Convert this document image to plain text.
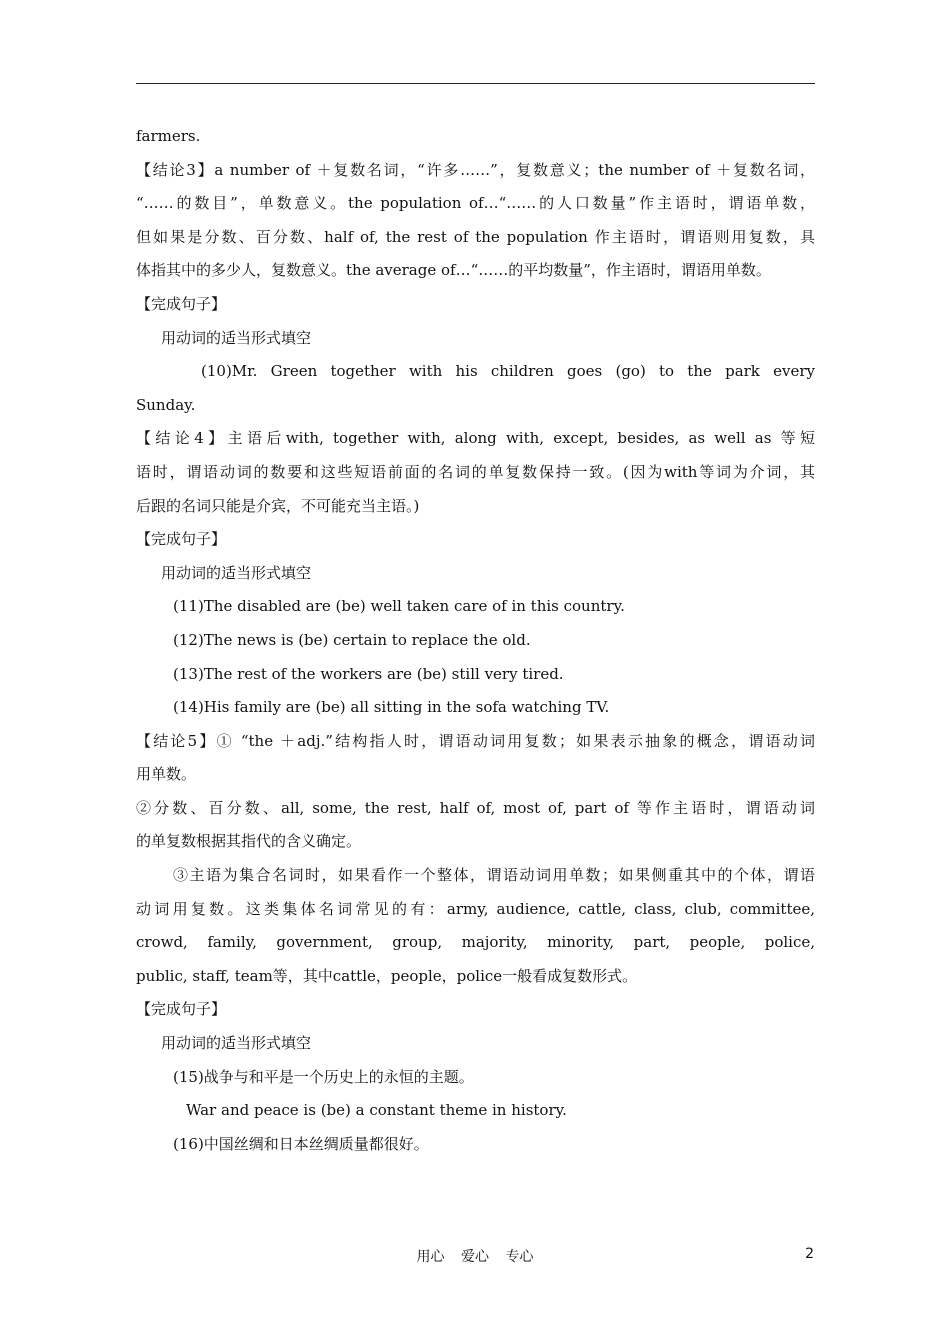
farmers.
【结论3】a number of ＋复数名词，“许多……”，复数意义；the number of ＋复数名词，
“……的数目”，单数意义。the population of…“……的人口数量”作主语时，谓语单数，
但如果是分数、百分数、half of, the rest of the population 作主语时，谓语则用复数，具
体指其中的多少人，复数意义。the average of…“……的平均数量”，作主语时，谓语用单数。
【完成句子】
用动词的适当形式填空
(10)Mr. Green together with his children goes (go) to the park every
Sunday.
【结论4】主语后with, together with, along with, except, besides, as well as 等短
语时，谓语动词的数要和这些短语前面的名词的单复数保持一致。(因为with等词为介词，其
后跟的名词只能是介宾，不可能充当主语。)
【完成句子】
用动词的适当形式填空
(11)The disabled are (be) well taken care of in this country.
(12)The news is (be) certain to replace the old.
(13)The rest of the workers are (be) still very tired.
(14)His family are (be) all sitting in the sofa watching TV.
【结论5】① “the ＋adj.”结构指人时，谓语动词用复数；如果表示抽象的概念，谓语动词
用单数。
②分数、百分数、all, some, the rest, half of, most of, part of 等作主语时，谓语动词
的单复数根据其指代的含义确定。
③主语为集合名词时，如果看作一个整体，谓语动词用单数；如果侧重其中的个体，谓语
动词用复数。这类集体名词常见的有：army, audience, cattle, class, club, committee,
crowd, family, government, group, majority, minority, part, people, police,
public, staff, team等，其中cattle，people，police一般看成复数形式。
【完成句子】
用动词的适当形式填空
(15)战争与和平是一个历史上的永恒的主题。
War and peace is (be) a constant theme in history.
(16)中国丝绸和日本丝绸质量都很好。
用心 爱心 专心	2
